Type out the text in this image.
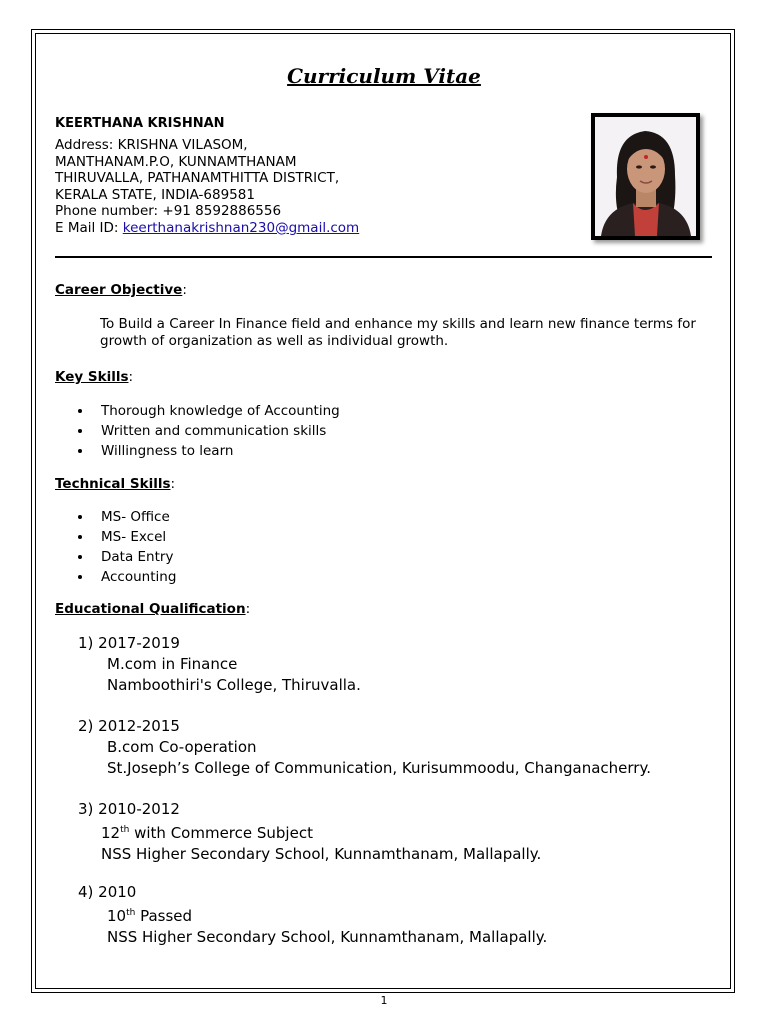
Curriculum Vitae
KEERTHANA KRISHNAN
Address: KRISHNA VILASOM,
MANTHANAM.P.O, KUNNAMTHANAM
THIRUVALLA, PATHANAMTHITTA DISTRICT,
KERALA STATE, INDIA-689581
Phone number: +91 8592886556
E Mail ID: keerthanakrishnan230@gmail.com
Career Objective:
To Build a Career In Finance field and enhance my skills and learn new finance terms for growth of organization as well as individual growth.
Key Skills:
Thorough knowledge of Accounting
Written and communication skills
Willingness to learn
Technical Skills:
MS- Office
MS- Excel
Data Entry
Accounting
Educational Qualification:
1) 2017-2019
M.com in Finance
Namboothiri's College, Thiruvalla.
2) 2012-2015
B.com Co-operation
St.Joseph’s College of Communication, Kurisummoodu, Changanacherry.
3) 2010-2012
12th with Commerce Subject
NSS Higher Secondary School, Kunnamthanam, Mallapally.
4) 2010
10th Passed
NSS Higher Secondary School, Kunnamthanam, Mallapally.
1
